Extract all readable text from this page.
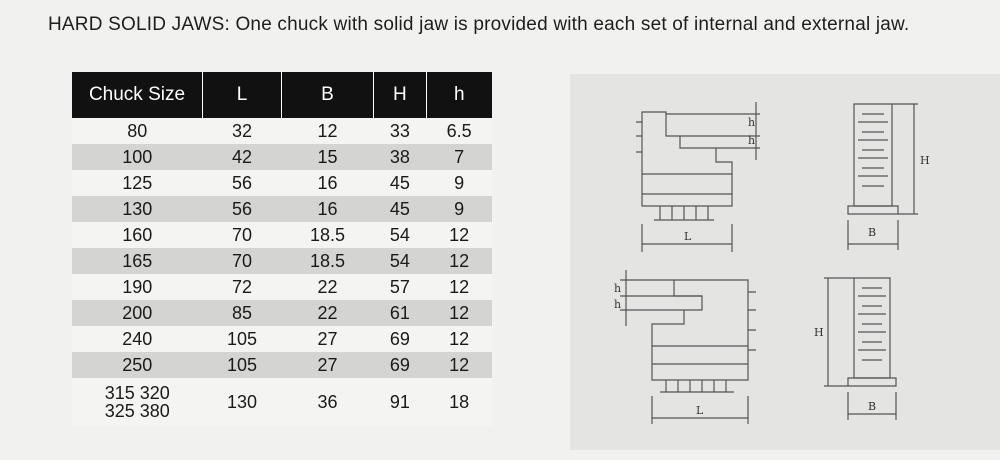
HARD SOLID JAWS: One chuck with solid jaw is provided with each set of internal and external jaw.
Chuck Size	L	B	H	h

80	32	12	33	6.5

100	42	15	38	7

125	56	16	45	9

130	56	16	45	9

160	70	18.5	54	12

165	70	18.5	54	12

190	72	22	57	12

200	85	22	61	12

240	105	27	69	12

250	105	27	69	12

315 320
325 380	130	36	91	18
L
h
h
H
B
L
h
h
H
B
